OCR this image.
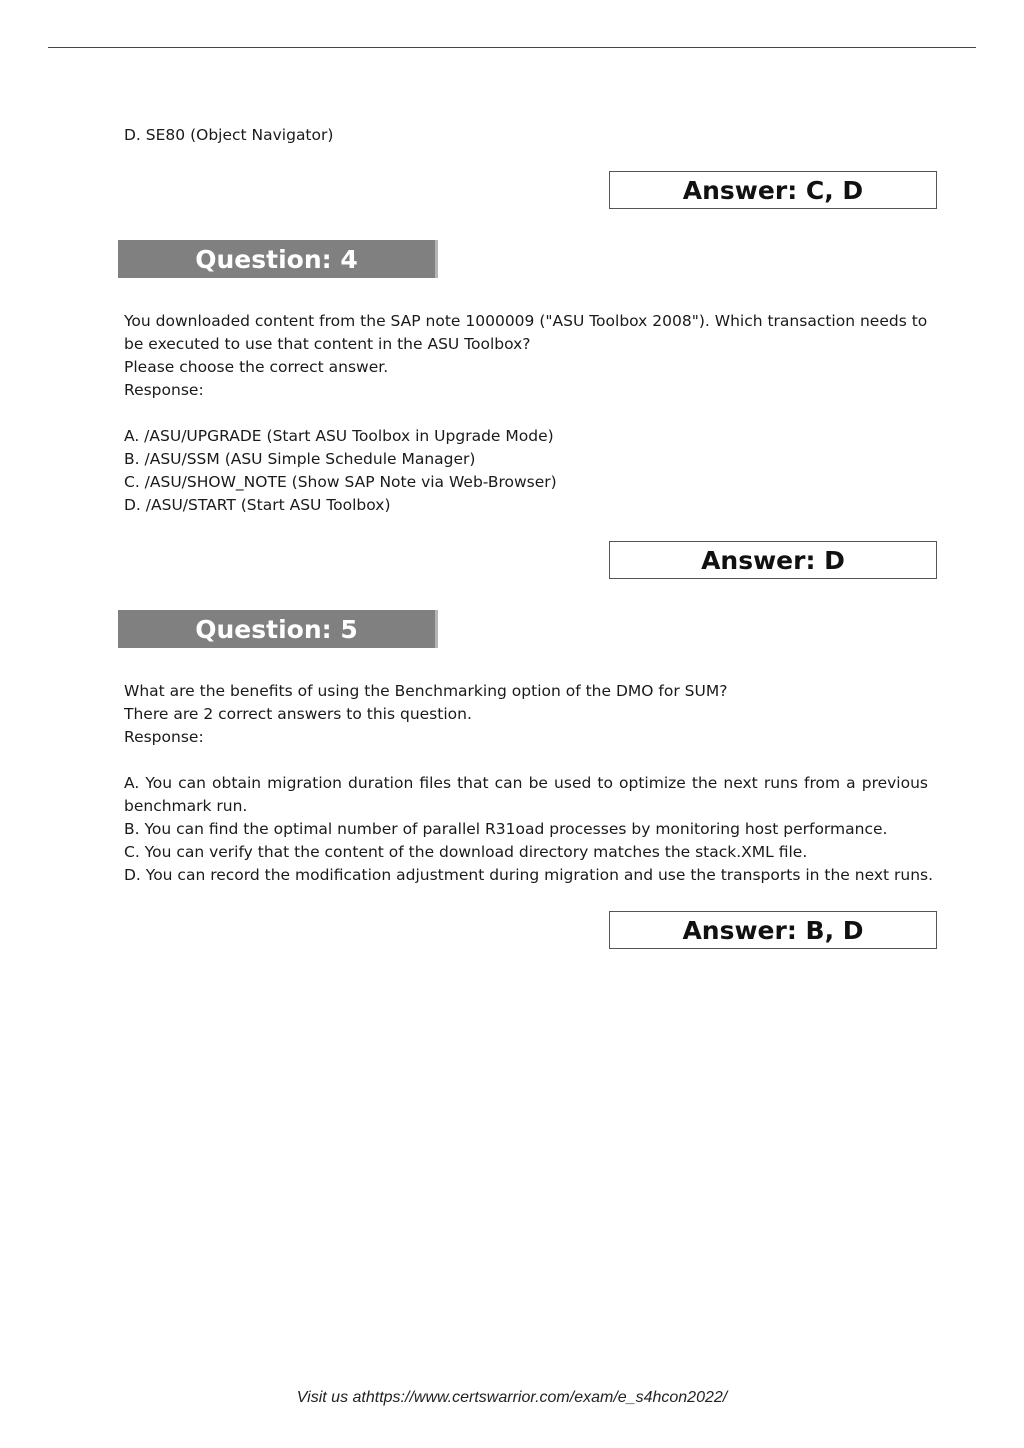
D. SE80 (Object Navigator)
Answer: C, D
Question: 4
You downloaded content from the SAP note 1000009 ("ASU Toolbox 2008"). Which transaction needs to
be executed to use that content in the ASU Toolbox?
Please choose the correct answer.
Response:
A. /ASU/UPGRADE (Start ASU Toolbox in Upgrade Mode)
B. /ASU/SSM (ASU Simple Schedule Manager)
C. /ASU/SHOW_NOTE (Show SAP Note via Web-Browser)
D. /ASU/START (Start ASU Toolbox)
Answer: D
Question: 5
What are the benefits of using the Benchmarking option of the DMO for SUM?
There are 2 correct answers to this question.
Response:
A. You can obtain migration duration files that can be used to optimize the next runs from a previous benchmark run.
B. You can find the optimal number of parallel R31oad processes by monitoring host performance.
C. You can verify that the content of the download directory matches the stack.XML file.
D. You can record the modification adjustment during migration and use the transports in the next runs.
Answer: B, D
Visit us athttps://www.certswarrior.com/exam/e_s4hcon2022/
